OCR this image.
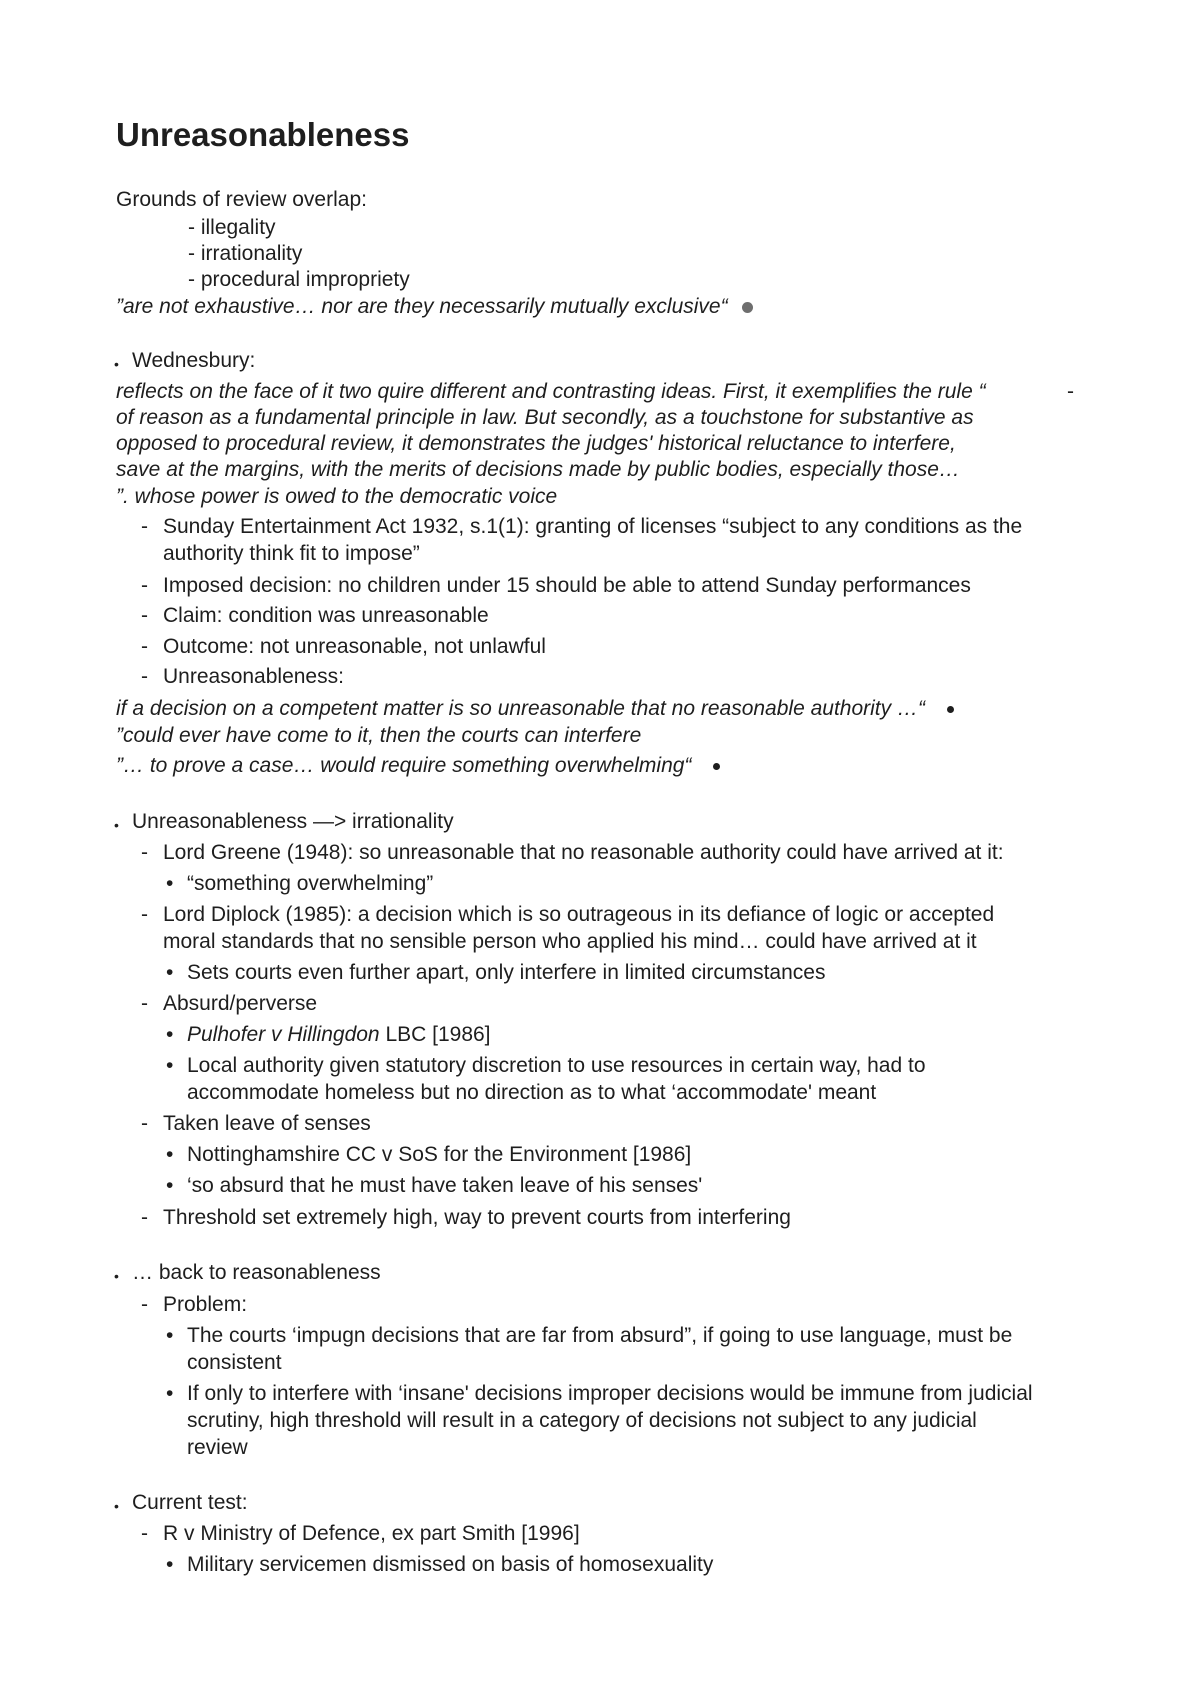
Unreasonableness
Grounds of review overlap:
- illegality
- irrationality
- procedural impropriety
”are not exhaustive… nor are they necessarily mutually exclusive“
• Wednesbury:
reflects on the face of it two quire different and contrasting ideas. First, it exemplifies the rule “	-
of reason as a fundamental principle in law. But secondly, as a touchstone for substantive as
opposed to procedural review, it demonstrates the judges' historical reluctance to interfere,
save at the margins, with the merits of decisions made by public bodies, especially those…
”. whose power is owed to the democratic voice
- Sunday Entertainment Act 1932, s.1(1): granting of licenses “subject to any conditions as the
authority think fit to impose”
- Imposed decision: no children under 15 should be able to attend Sunday performances
- Claim: condition was unreasonable
- Outcome: not unreasonable, not unlawful
- Unreasonableness:
if a decision on a competent matter is so unreasonable that no reasonable authority …“
”could ever have come to it, then the courts can interfere
”… to prove a case… would require something overwhelming“
• Unreasonableness —> irrationality
- Lord Greene (1948): so unreasonable that no reasonable authority could have arrived at it:
• “something overwhelming”
- Lord Diplock (1985): a decision which is so outrageous in its defiance of logic or accepted
moral standards that no sensible person who applied his mind… could have arrived at it
• Sets courts even further apart, only interfere in limited circumstances
- Absurd/perverse
• Pulhofer v Hillingdon LBC [1986]
• Local authority given statutory discretion to use resources in certain way, had to
accommodate homeless but no direction as to what ‘accommodate' meant
- Taken leave of senses
• Nottinghamshire CC v SoS for the Environment [1986]
• ‘so absurd that he must have taken leave of his senses'
- Threshold set extremely high, way to prevent courts from interfering
• … back to reasonableness
- Problem:
• The courts ‘impugn decisions that are far from absurd”, if going to use language, must be
consistent
• If only to interfere with ‘insane' decisions improper decisions would be immune from judicial
scrutiny, high threshold will result in a category of decisions not subject to any judicial
review
• Current test:
- R v Ministry of Defence, ex part Smith [1996]
• Military servicemen dismissed on basis of homosexuality
